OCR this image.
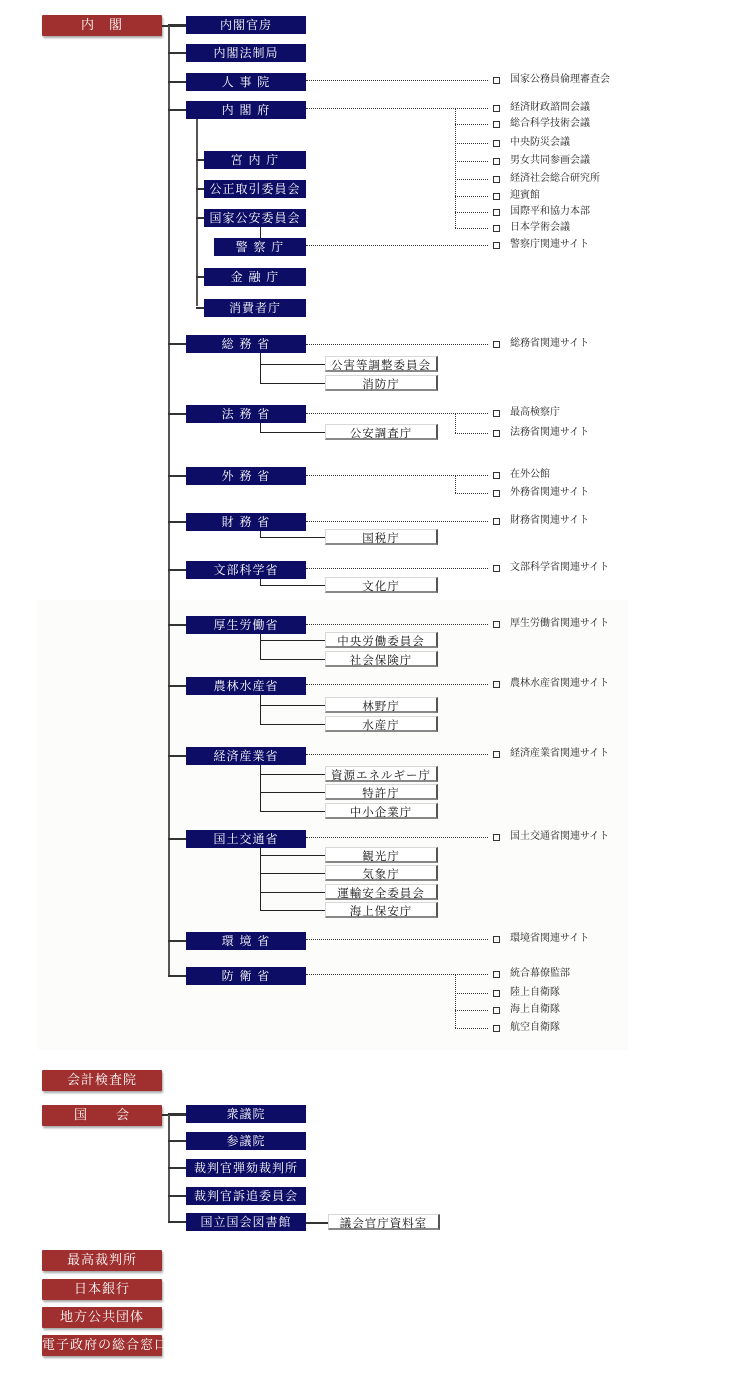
内　閣	内閣官房
内閣法制局
人 事 院
内 閣 府
国家公務員倫理審査会
経済財政諮問会議
総合科学技術会議
中央防災会議
男女共同参画会議
経済社会総合研究所
迎賓館
国際平和協力本部
日本学術会議
宮 内 庁
公正取引委員会
国家公安委員会
警 察 庁
金 融 庁
消費者庁
警察庁関連サイト
総 務 省
公害等調整委員会
消防庁
総務省関連サイト
法 務 省
公安調査庁
最高検察庁
法務省関連サイト
外 務 省	在外公館
外務省関連サイト
財 務 省
国税庁
財務省関連サイト
文部科学省
文化庁
文部科学省関連サイト
厚生労働省
中央労働委員会
社会保険庁
厚生労働省関連サイト
農林水産省
林野庁
水産庁
農林水産省関連サイト
経済産業省
資源エネルギー庁
特許庁
中小企業庁
経済産業省関連サイト
国土交通省
観光庁
気象庁
運輸安全委員会
海上保安庁
国土交通省関連サイト
環 境 省	環境省関連サイト
防 衛 省	統合幕僚監部
陸上自衛隊
海上自衛隊
航空自衛隊
会計検査院
国　　会	衆議院
参議院
裁判官弾劾裁判所
裁判官訴追委員会
国立国会図書館	議会官庁資料室
最高裁判所
日本銀行
地方公共団体
電子政府の総合窓口
